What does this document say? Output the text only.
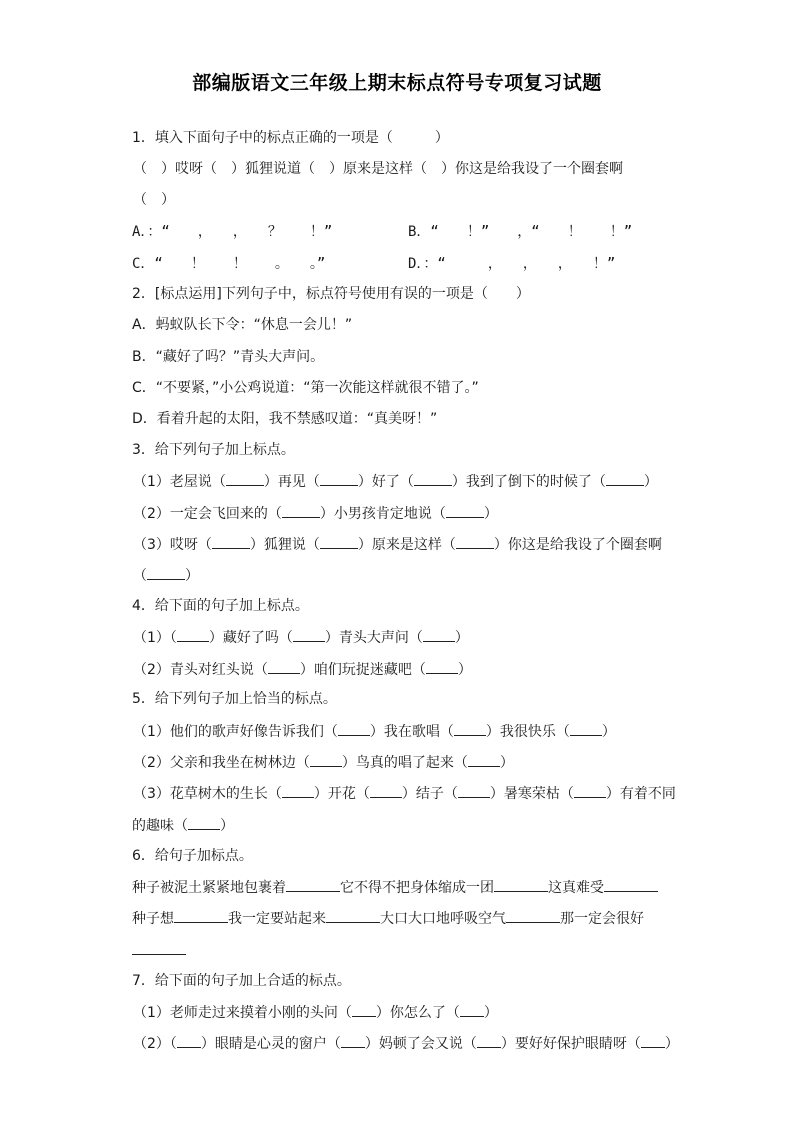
部编版语文三年级上期末标点符号专项复习试题
1．填入下面句子中的标点正确的一项是（　　　）
（　）哎呀（　）狐狸说道（　）原来是这样（　）你这是给我设了一个圈套啊
（　）
A．：“　　，　　，　　？　　！”	B．“　　！”　　，“　　！　　！”
C．“　　！　　！　　。　　。”	D．：“　　　，　　，　　，　　！”
2．[标点运用]下列句子中，标点符号使用有误的一项是（　　）
A．蚂蚁队长下令：“休息一会儿！”
B．“藏好了吗？”青头大声问。
C．“不要紧，”小公鸡说道：“第一次能这样就很不错了。”
D．看着升起的太阳，我不禁感叹道：“真美呀！”
3．给下列句子加上标点。
（1）老屋说（	）再见（	）好了（	）我到了倒下的时候了（	）
（2）一定会飞回来的（	）小男孩肯定地说（	）
（3）哎呀（	）狐狸说（	）原来是这样（	）你这是给我设了个圈套啊
（	）
4．给下面的句子加上标点。
（1）（ ）藏好了吗（ ）青头大声问（ ）
（2）青头对红头说（ ）咱们玩捉迷藏吧（ ）
5．给下列句子加上恰当的标点。
（1）他们的歌声好像告诉我们（ ）我在歌唱（ ）我很快乐（ ）
（2）父亲和我坐在树林边（ ）鸟真的唱了起来（ ）
（3）花草树木的生长（ ）开花（ ）结子（ ）暑寒荣枯（ ）有着不同
的趣味（ ）
6．给句子加标点。
种子被泥土紧紧地包裹着	它不得不把身体缩成一团	这真难受
种子想	我一定要站起来	大口大口地呼吸空气	那一定会很好
7．给下面的句子加上合适的标点。
（1）老师走过来摸着小刚的头问（ ）你怎么了（ ）
（2）（ ）眼睛是心灵的窗户（ ）妈顿了会又说（ ）要好好保护眼睛呀（ ）
